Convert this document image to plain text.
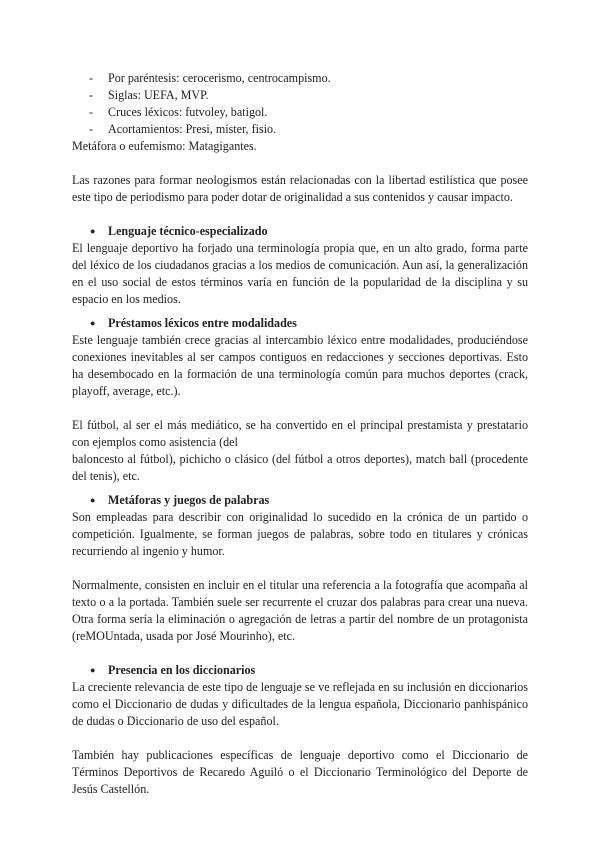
- Por paréntesis: cerocerismo, centrocampismo.
- Siglas: UEFA, MVP.
- Cruces léxicos: futvoley, batigol.
- Acortamientos: Presi, míster, fisio.

Metáfora o eufemismo: Matagigantes.

Las razones para formar neologismos están relacionadas con la libertad estilística que posee este tipo de periodismo para poder dotar de originalidad a sus contenidos y causar impacto.

● Lenguaje técnico-especializado

El lenguaje deportivo ha forjado una terminología propia que, en un alto grado, forma parte del léxico de los ciudadanos gracias a los medios de comunicación. Aun así, la generalización en el uso social de estos términos varía en función de la popularidad de la disciplina y su espacio en los medios.

● Préstamos léxicos entre modalidades

Este lenguaje también crece gracias al intercambio léxico entre modalidades, produciéndose conexiones inevitables al ser campos contiguos en redacciones y secciones deportivas. Esto ha desembocado en la formación de una terminología común para muchos deportes (crack, playoff, average, etc.).

El fútbol, al ser el más mediático, se ha convertido en el principal prestamista y prestatario con ejemplos como asistencia (del

baloncesto al fútbol), pichicho o clásico (del fútbol a otros deportes), match ball (procedente del tenis), etc.

● Metáforas y juegos de palabras

Son empleadas para describir con originalidad lo sucedido en la crónica de un partido o competición. Igualmente, se forman juegos de palabras, sobre todo en titulares y crónicas recurriendo al ingenio y humor.

Normalmente, consisten en incluir en el titular una referencia a la fotografía que acompaña al texto o a la portada. También suele ser recurrente el cruzar dos palabras para crear una nueva. Otra forma sería la eliminación o agregación de letras a partir del nombre de un protagonista (reMOUntada, usada por José Mourinho), etc.

● Presencia en los diccionarios

La creciente relevancia de este tipo de lenguaje se ve reflejada en su inclusión en diccionarios como el Diccionario de dudas y dificultades de la lengua española, Diccionario panhispánico de dudas o Diccionario de uso del español.

También hay publicaciones específicas de lenguaje deportivo como el Diccionario de Términos Deportivos de Recaredo Aguiló o el Diccionario Terminológico del Deporte de Jesús Castellón.
